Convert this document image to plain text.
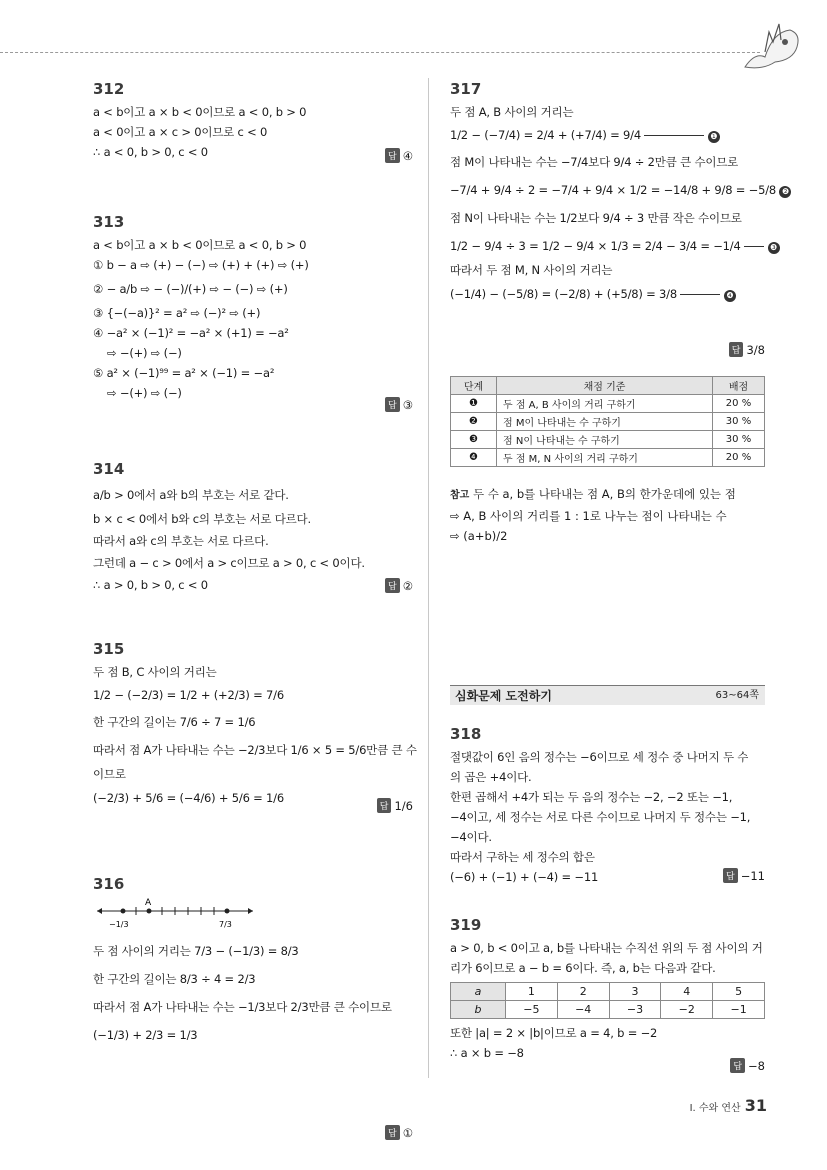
312
a < b이고 a × b < 0이므로 a < 0, b > 0
a < 0이고 a × c > 0이므로 c < 0
∴ a < 0, b > 0, c < 0	답 ④
313
a < b이고 a × b < 0이므로 a < 0, b > 0
① b − a ⇨ (+) − (−) ⇨ (+) + (+) ⇨ (+)
② − a/b ⇨ − (−)/(+) ⇨ − (−) ⇨ (+)
③ {−(−a)}² = a² ⇨ (−)² ⇨ (+)
④ −a² × (−1)² = −a² × (+1) = −a²
⇨ −(+) ⇨ (−)
⑤ a² × (−1)⁹⁹ = a² × (−1) = −a²
⇨ −(+) ⇨ (−)
답 ③
314
a/b > 0에서 a와 b의 부호는 서로 같다.
b × c < 0에서 b와 c의 부호는 서로 다르다.
따라서 a와 c의 부호는 서로 다르다.
그런데 a − c > 0에서 a > c이므로 a > 0, c < 0이다.
∴ a > 0, b > 0, c < 0	답 ②
315
두 점 B, C 사이의 거리는
1/2 − (−2/3) = 1/2 + (+2/3) = 7/6
한 구간의 길이는 7/6 ÷ 7 = 1/6
따라서 점 A가 나타내는 수는 −2/3보다 1/6 × 5 = 5/6만큼 큰 수
이므로
(−2/3) + 5/6 = (−4/6) + 5/6 = 1/6
답 1/6
316
A
−1/3	7/3
두 점 사이의 거리는 7/3 − (−1/3) = 8/3
한 구간의 길이는 8/3 ÷ 4 = 2/3
따라서 점 A가 나타내는 수는 −1/3보다 2/3만큼 큰 수이므로
(−1/3) + 2/3 = 1/3
답 ①
317
두 점 A, B 사이의 거리는
1/2 − (−7/4) = 2/4 + (+7/4) = 9/4	❶
점 M이 나타내는 수는 −7/4보다 9/4 ÷ 2만큼 큰 수이므로
−7/4 + 9/4 ÷ 2 = −7/4 + 9/4 × 1/2 = −14/8 + 9/8 = −5/8 ❷
점 N이 나타내는 수는 1/2보다 9/4 ÷ 3 만큼 작은 수이므로
1/2 − 9/4 ÷ 3 = 1/2 − 9/4 × 1/3 = 2/4 − 3/4 = −1/4	❸
따라서 두 점 M, N 사이의 거리는
(−1/4) − (−5/8) = (−2/8) + (+5/8) = 3/8	❹
답 3/8
단계	채점 기준	배점
❶	두 점 A, B 사이의 거리 구하기	20 %
❷	점 M이 나타내는 수 구하기	30 %
❸	점 N이 나타내는 수 구하기	30 %
❹	두 점 M, N 사이의 거리 구하기	20 %
참고 두 수 a, b를 나타내는 점 A, B의 한가운데에 있는 점
⇨ A, B 사이의 거리를 1 : 1로 나누는 점이 나타내는 수
⇨ (a+b)/2
심화문제 도전하기	63~64쪽
318
절댓값이 6인 음의 정수는 −6이므로 세 정수 중 나머지 두 수
의 곱은 +4이다.
한편 곱해서 +4가 되는 두 음의 정수는 −2, −2 또는 −1,
−4이고, 세 정수는 서로 다른 수이므로 나머지 두 정수는 −1,
−4이다.
따라서 구하는 세 정수의 합은
(−6) + (−1) + (−4) = −11	답 −11
319
a > 0, b < 0이고 a, b를 나타내는 수직선 위의 두 점 사이의 거
리가 6이므로 a − b = 6이다. 즉, a, b는 다음과 같다.
a	1	2	3	4	5
b	−5	−4	−3	−2	−1
또한 |a| = 2 × |b|이므로 a = 4, b = −2
∴ a × b = −8
답 −8
I. 수와 연산 31
